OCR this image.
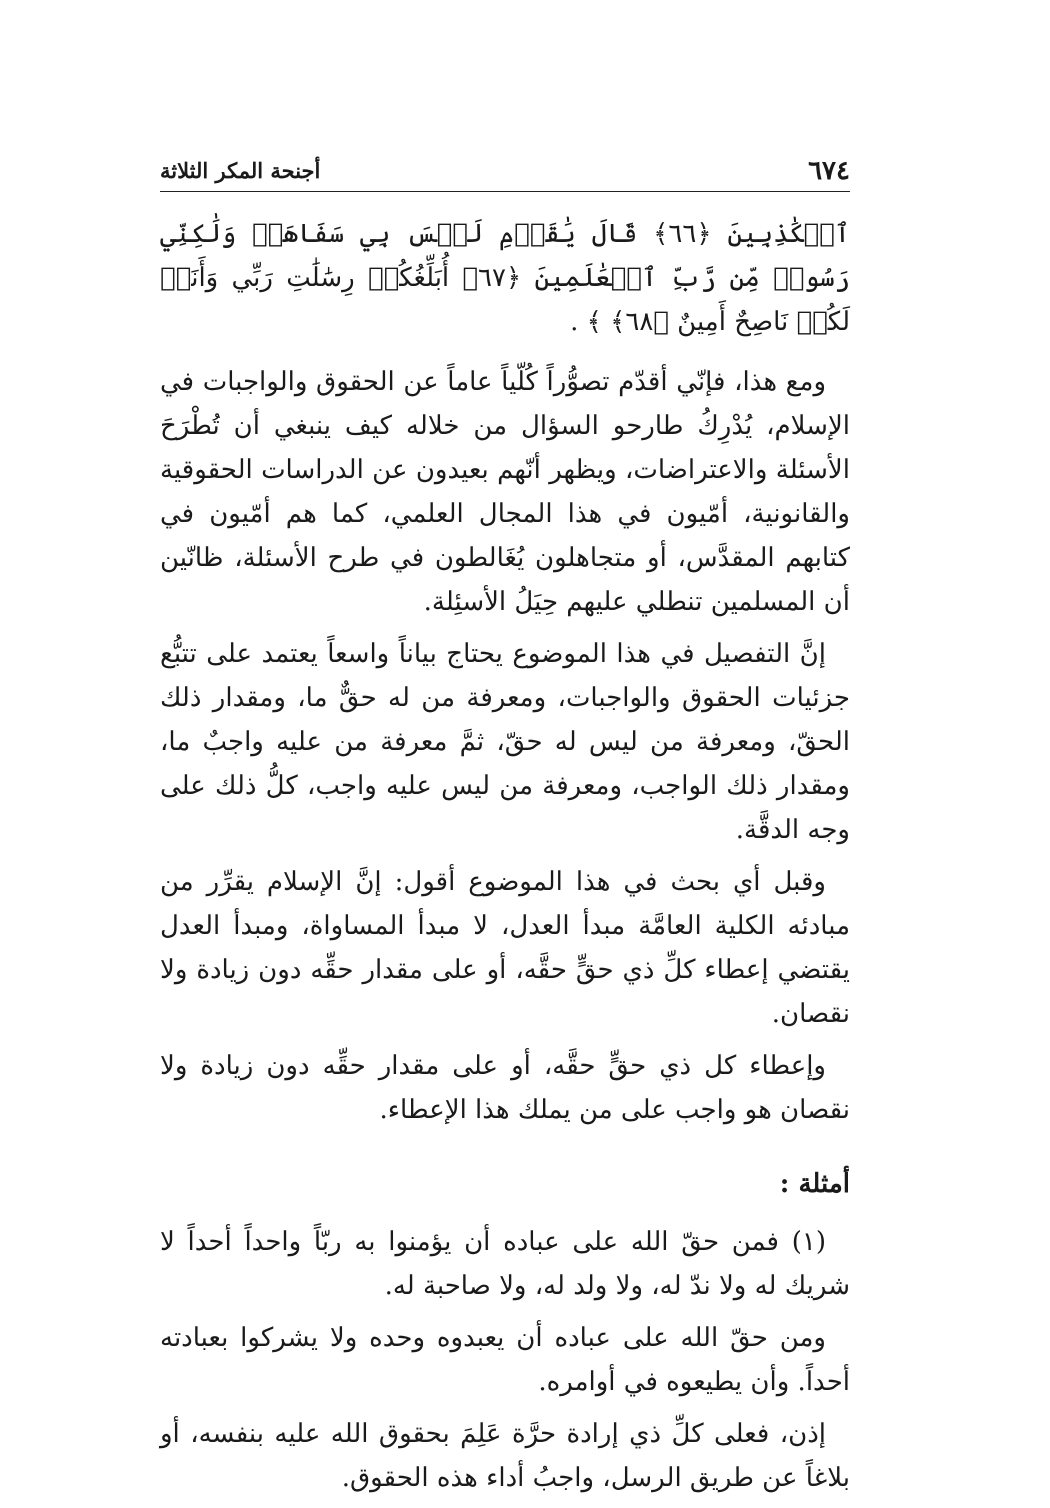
٦٧٤
أجنحة المكر الثلاثة

ٱلۡكَٰذِبِينَ ﴿٦٦﴾ قَالَ يَٰقَوۡمِ لَيۡسَ بِي سَفَاهَةٞ وَلَٰكِنِّي رَسُولٞ مِّن رَّبِّ ٱلۡعَٰلَمِينَ ﴿٦٧﴾ أُبَلِّغُكُمۡ رِسَٰلَٰتِ رَبِّي وَأَنَا۠ لَكُمۡ نَاصِحٌ أَمِينٌ ﴿٦٨﴾ ﴾ .

ومع هذا، فإنّي أقدّم تصوُّراً كُلّياً عاماً عن الحقوق والواجبات في الإسلام، يُدْرِكُ طارحو السؤال من خلاله كيف ينبغي أن تُطْرَحَ الأسئلة والاعتراضات، ويظهر أنّهم بعيدون عن الدراسات الحقوقية والقانونية، أمّيون في هذا المجال العلمي، كما هم أمّيون في كتابهم المقدَّس، أو متجاهلون يُغَالطون في طرح الأسئلة، ظانّين أن المسلمين تنطلي عليهم حِيَلُ الأسئِلة.

إنَّ التفصيل في هذا الموضوع يحتاج بياناً واسعاً يعتمد على تتبُّع جزئيات الحقوق والواجبات، ومعرفة من له حقٌّ ما، ومقدار ذلك الحقّ، ومعرفة من ليس له حقّ، ثمَّ معرفة من عليه واجبٌ ما، ومقدار ذلك الواجب، ومعرفة من ليس عليه واجب، كلُّ ذلك على وجه الدقَّة.

وقبل أي بحث في هذا الموضوع أقول: إنَّ الإسلام يقرِّر من مبادئه الكلية العامَّة مبدأ العدل، لا مبدأ المساواة، ومبدأ العدل يقتضي إعطاء كلِّ ذي حقٍّ حقَّه، أو على مقدار حقِّه دون زيادة ولا نقصان.

وإعطاء كل ذي حقٍّ حقَّه، أو على مقدار حقِّه دون زيادة ولا نقصان هو واجب على من يملك هذا الإعطاء.

أمثلة :

(١) فمن حقّ الله على عباده أن يؤمنوا به ربّاً واحداً أحداً لا شريك له ولا ندّ له، ولا ولد له، ولا صاحبة له.

ومن حقّ الله على عباده أن يعبدوه وحده ولا يشركوا بعبادته أحداً. وأن يطيعوه في أوامره.

إذن، فعلى كلِّ ذي إرادة حرَّة عَلِمَ بحقوق الله عليه بنفسه، أو بلاغاً عن طريق الرسل، واجبُ أداء هذه الحقوق.
